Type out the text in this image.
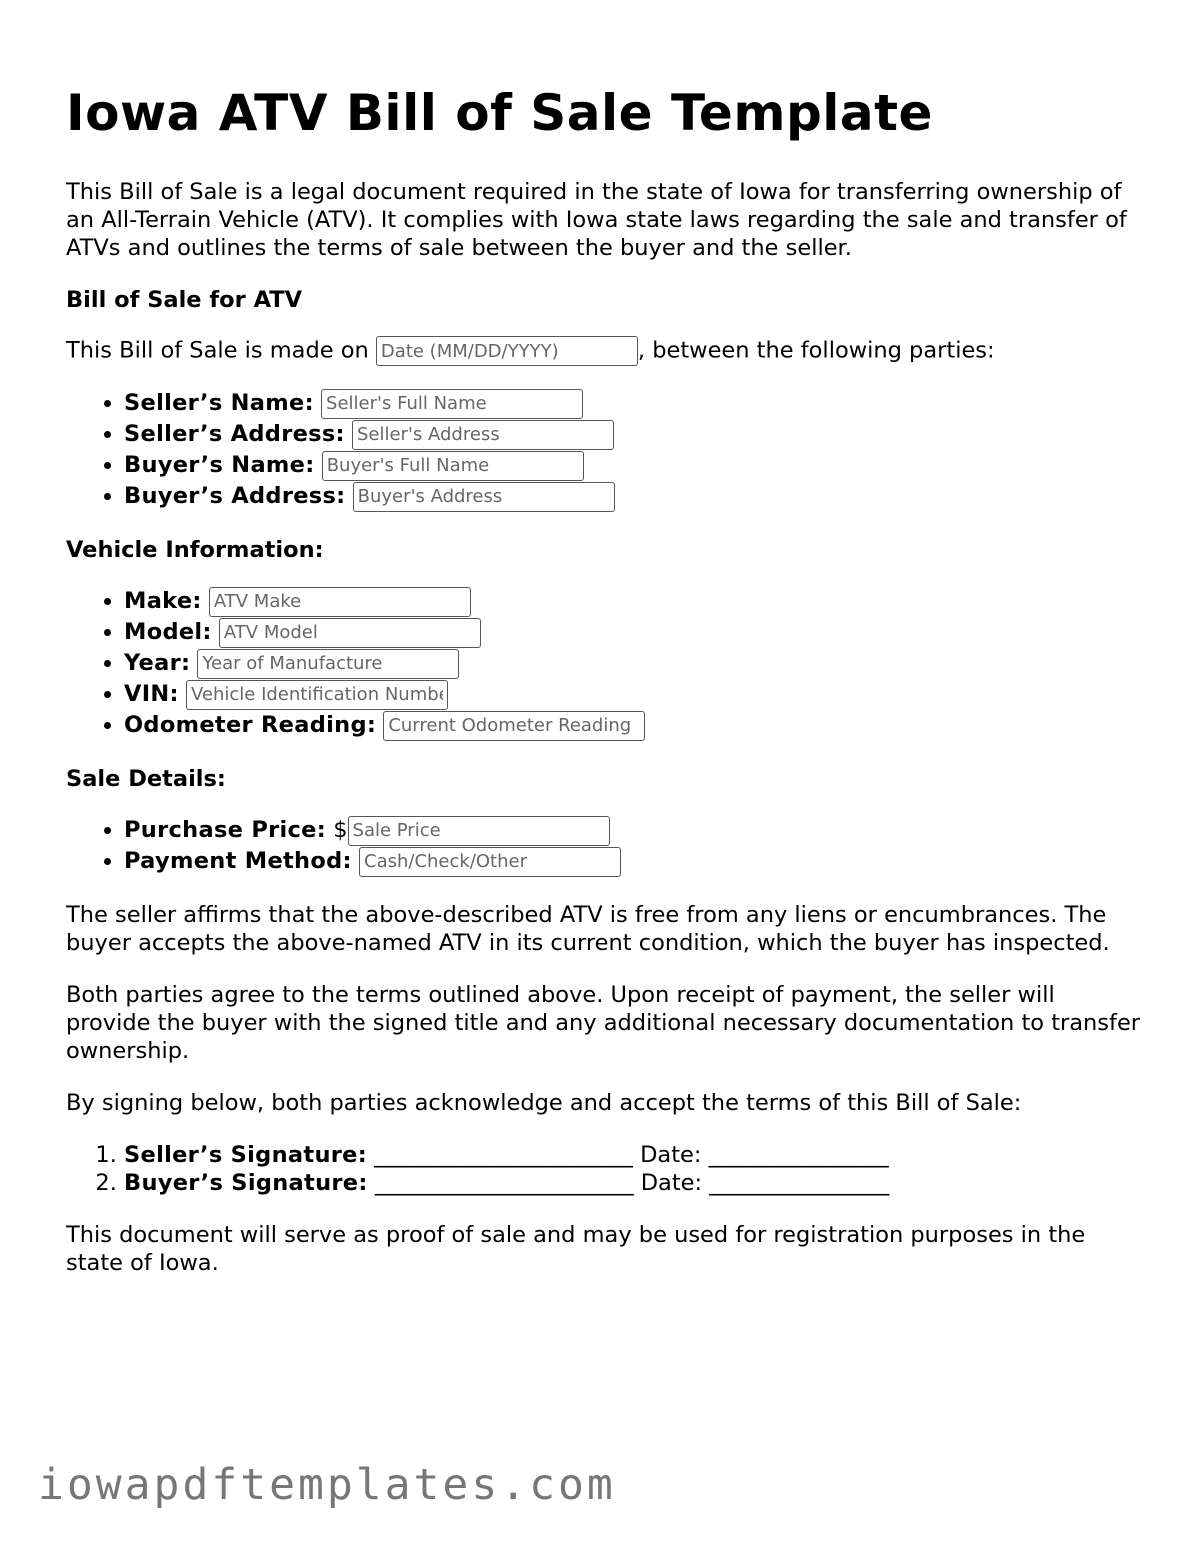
Iowa ATV Bill of Sale Template

This Bill of Sale is a legal document required in the state of Iowa for transferring ownership of an All-Terrain Vehicle (ATV). It complies with Iowa state laws regarding the sale and transfer of ATVs and outlines the terms of sale between the buyer and the seller.

Bill of Sale for ATV

This Bill of Sale is made on Date (MM/DD/YYYY)	, between the following parties:

• Seller’s Name: Seller's Full Name
• Seller’s Address: Seller's Address
• Buyer’s Name: Buyer's Full Name
• Buyer’s Address: Buyer's Address
Vehicle Information:
• Make: ATV Make
• Model: ATV Model
• Year: Year of Manufacture
• VIN: Vehicle Identification Number
• Odometer Reading: Current Odometer Reading
Sale Details:
• Purchase Price: $Sale Price
• Payment Method: Cash/Check/Other

The seller affirms that the above-described ATV is free from any liens or encumbrances. The buyer accepts the above-named ATV in its current condition, which the buyer has inspected.

Both parties agree to the terms outlined above. Upon receipt of payment, the seller will provide the buyer with the signed title and any additional necessary documentation to transfer ownership.

By signing below, both parties acknowledge and accept the terms of this Bill of Sale:

1. Seller’s Signature: _______________________ Date: ________________
2. Buyer’s Signature: _______________________ Date: ________________

This document will serve as proof of sale and may be used for registration purposes in the state of Iowa.

iowapdftemplates.com
